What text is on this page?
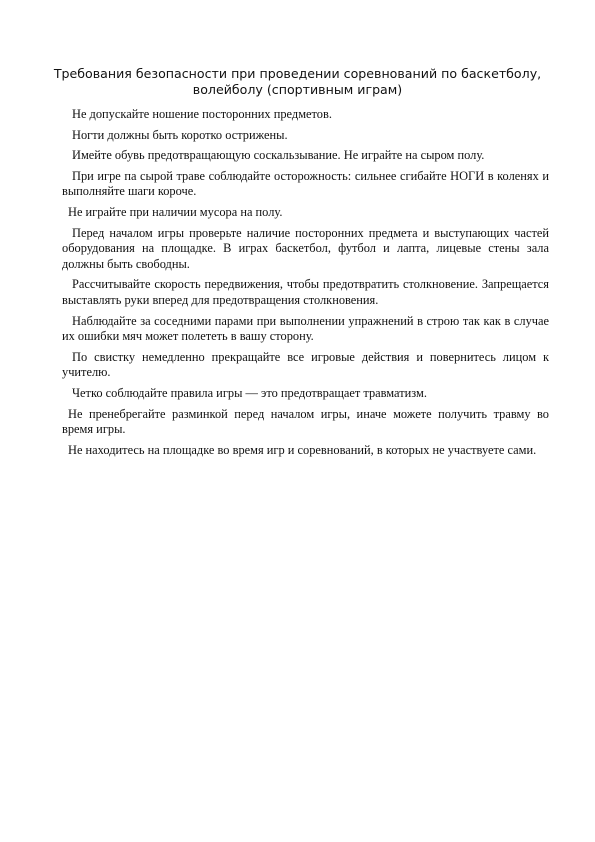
Требования безопасности при проведении соревнований по баскетболу, волейболу (спортивным играм)

Не допускайте ношение посторонних предметов.

Ногти должны быть коротко острижены.

Имейте обувь предотвращающую соскальзывание. Не играйте на сыром полу.

При игре па сырой траве соблюдайте осторожность: сильнее сгибайте НОГИ в коленях и выполняйте шаги короче.

Не играйте при наличии мусора на полу.

Перед началом игры проверьте наличие посторонних предмета и выступающих частей оборудования на площадке. В играх баскетбол, футбол и лапта, лицевые стены зала должны быть свободны.

Рассчитывайте скорость передвижения, чтобы предотвратить столкновение. Запрещается выставлять руки вперед для предотвращения столкновения.

Наблюдайте за соседними парами при выполнении упражнений в строю так как в случае их ошибки мяч может полететь в вашу сторону.

По свистку немедленно прекращайте все игровые действия и повернитесь лицом к учителю.

Четко соблюдайте правила игры — это предотвращает травматизм.

Не пренебрегайте разминкой перед началом игры, иначе можете получить травму во время игры.

Не находитесь на площадке во время игр и соревнований, в которых не участвуете сами.
